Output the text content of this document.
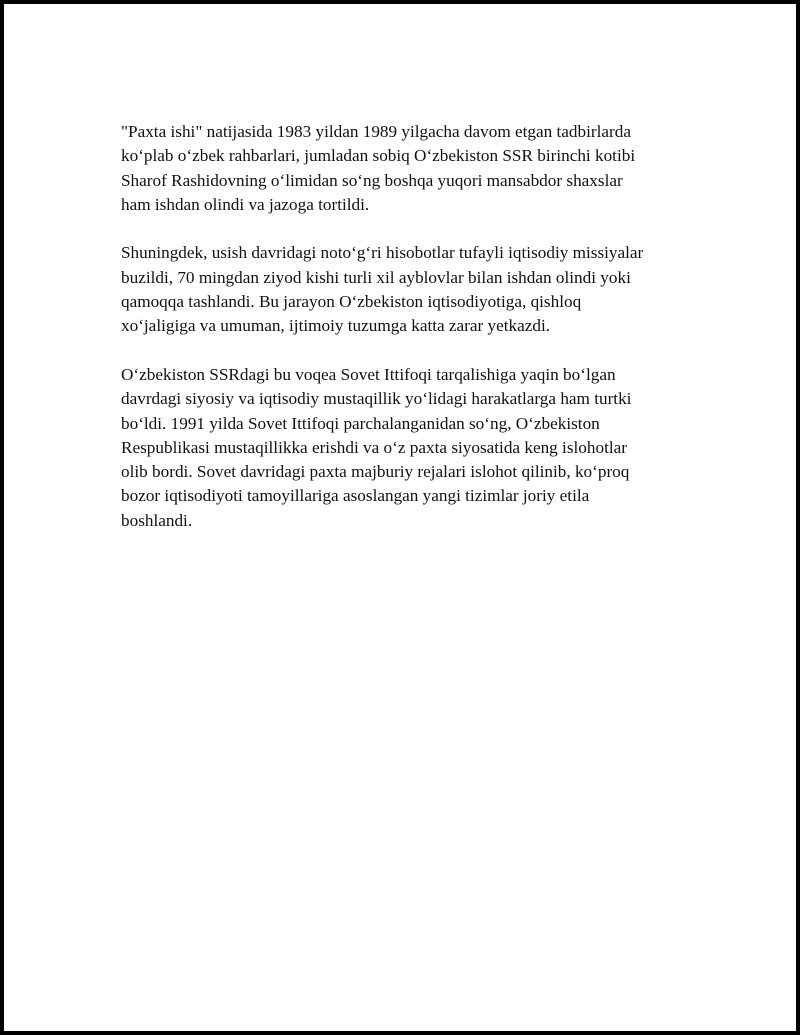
"Paxta ishi" natijasida 1983 yildan 1989 yilgacha davom etgan tadbirlarda
ko‘plab o‘zbek rahbarlari, jumladan sobiq O‘zbekiston SSR birinchi kotibi
Sharof Rashidovning o‘limidan so‘ng boshqa yuqori mansabdor shaxslar
ham ishdan olindi va jazoga tortildi.

Shuningdek, usish davridagi noto‘g‘ri hisobotlar tufayli iqtisodiy missiyalar
buzildi, 70 mingdan ziyod kishi turli xil ayblovlar bilan ishdan olindi yoki
qamoqqa tashlandi. Bu jarayon O‘zbekiston iqtisodiyotiga, qishloq
xo‘jaligiga va umuman, ijtimoiy tuzumga katta zarar yetkazdi.

O‘zbekiston SSRdagi bu voqea Sovet Ittifoqi tarqalishiga yaqin bo‘lgan
davrdagi siyosiy va iqtisodiy mustaqillik yo‘lidagi harakatlarga ham turtki
bo‘ldi. 1991 yilda Sovet Ittifoqi parchalanganidan so‘ng, O‘zbekiston
Respublikasi mustaqillikka erishdi va o‘z paxta siyosatida keng islohotlar
olib bordi. Sovet davridagi paxta majburiy rejalari islohot qilinib, ko‘proq
bozor iqtisodiyoti tamoyillariga asoslangan yangi tizimlar joriy etila
boshlandi.
